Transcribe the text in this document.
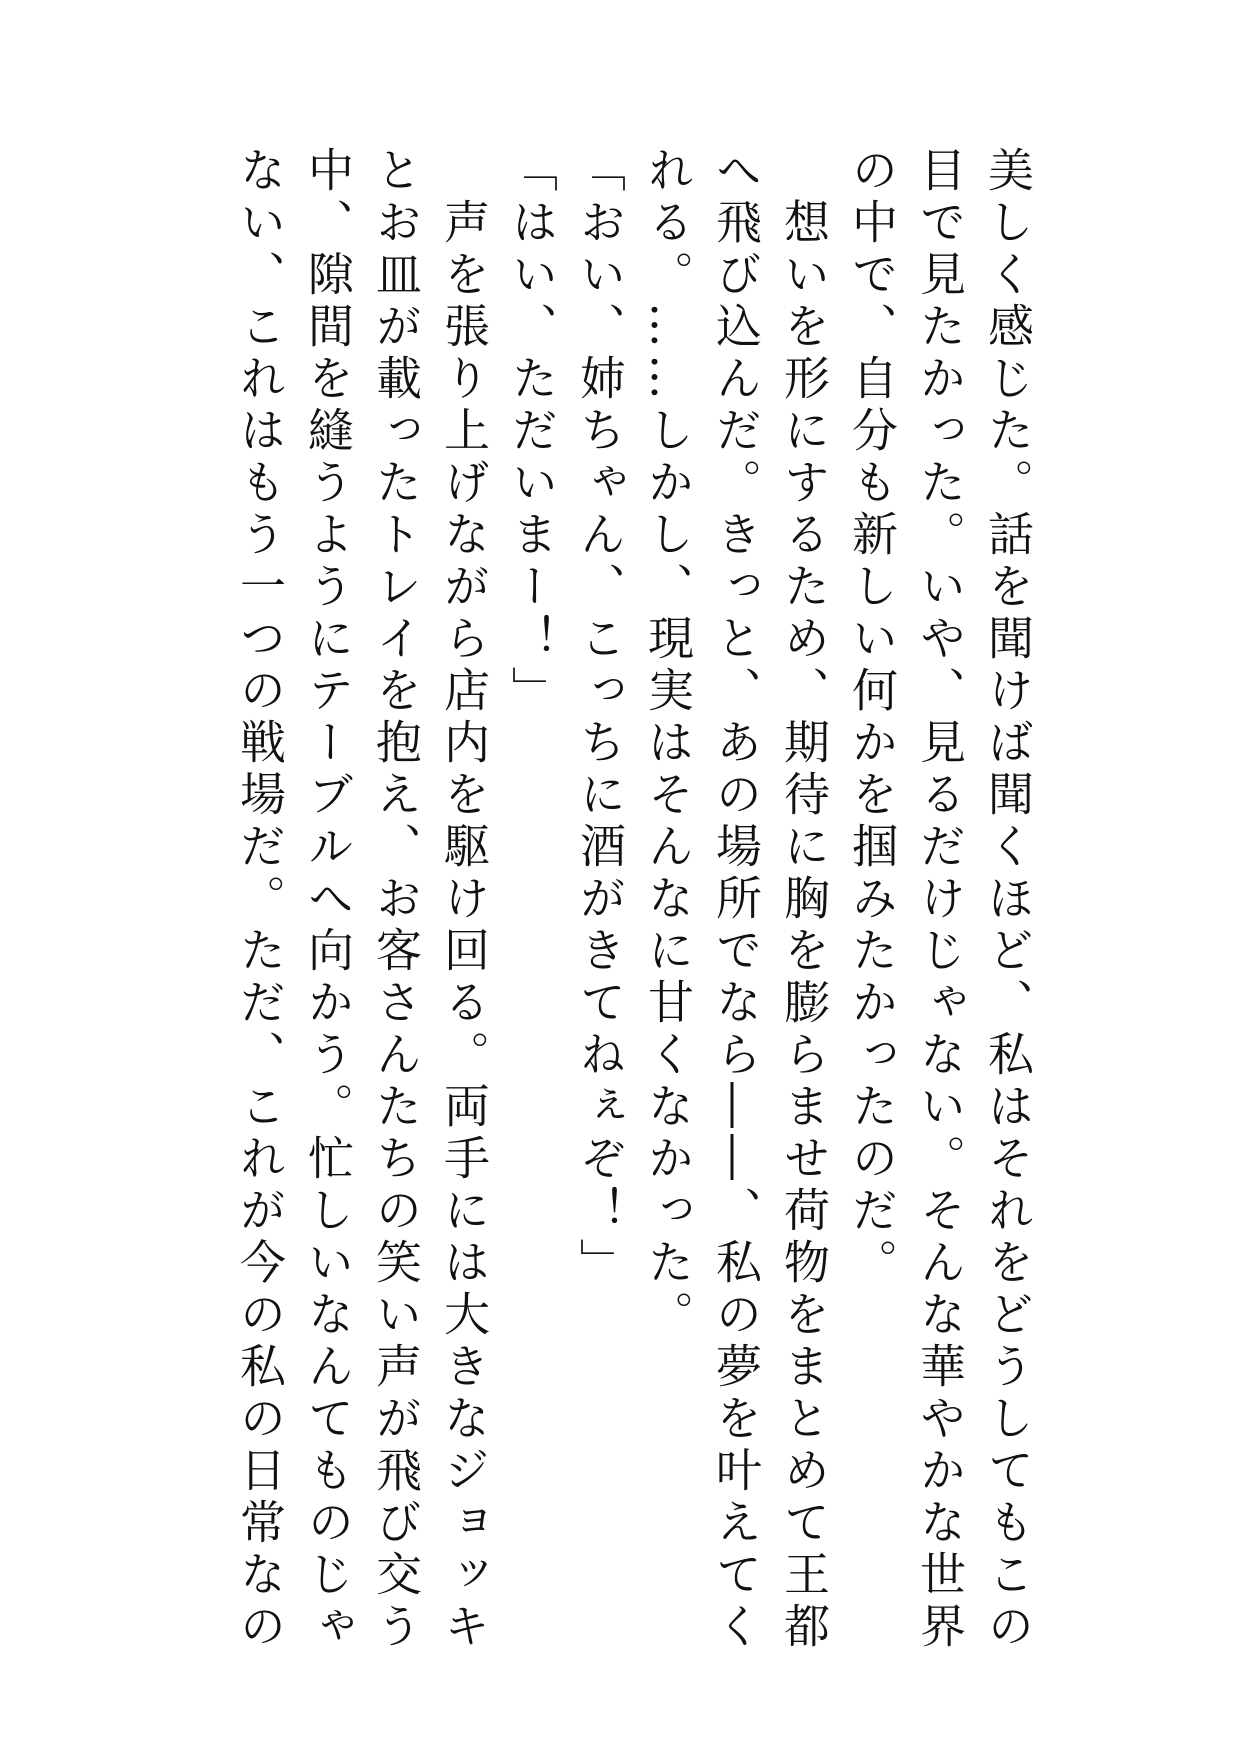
美しく感じた。話を聞けば聞くほど、私はそれをどうしてもこの
目で見たかった。いや、見るだけじゃない。そんな華やかな世界
の中で、自分も新しい何かを掴みたかったのだ。
　想いを形にするため、期待に胸を膨らませ荷物をまとめて王都
へ飛び込んだ。きっと、あの場所でなら――、私の夢を叶えてく
れる。……しかし、現実はそんなに甘くなかった。
「おい、姉ちゃん、こっちに酒がきてねぇぞ！」
「はい、ただいまー！」
　声を張り上げながら店内を駆け回る。両手には大きなジョッキ
とお皿が載ったトレイを抱え、お客さんたちの笑い声が飛び交う
中、隙間を縫うようにテーブルへ向かう。忙しいなんてものじゃ
ない、これはもう一つの戦場だ。ただ、これが今の私の日常なの
